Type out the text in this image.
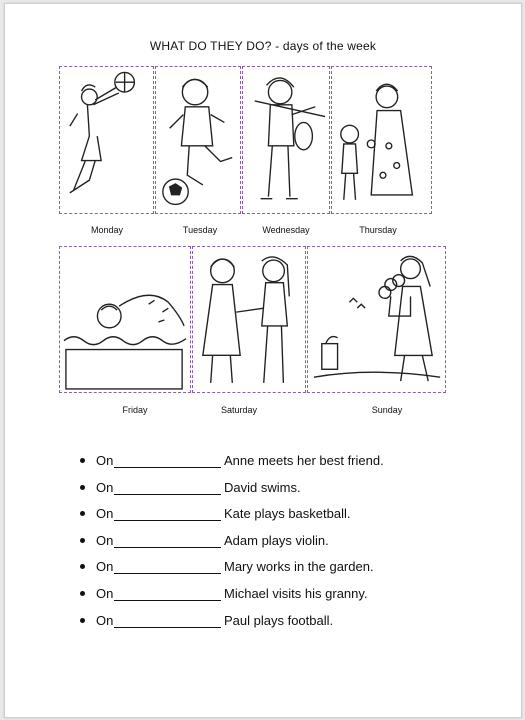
WHAT DO THEY DO? - days of the week
Monday	Tuesday	Wednesday	Thursday
Friday	Saturday	Sunday
On	Anne meets her best friend.
On	David swims.
On	Kate plays basketball.
On	Adam plays violin.
On	Mary works in the garden.
On	Michael visits his granny.
On	Paul plays football.
